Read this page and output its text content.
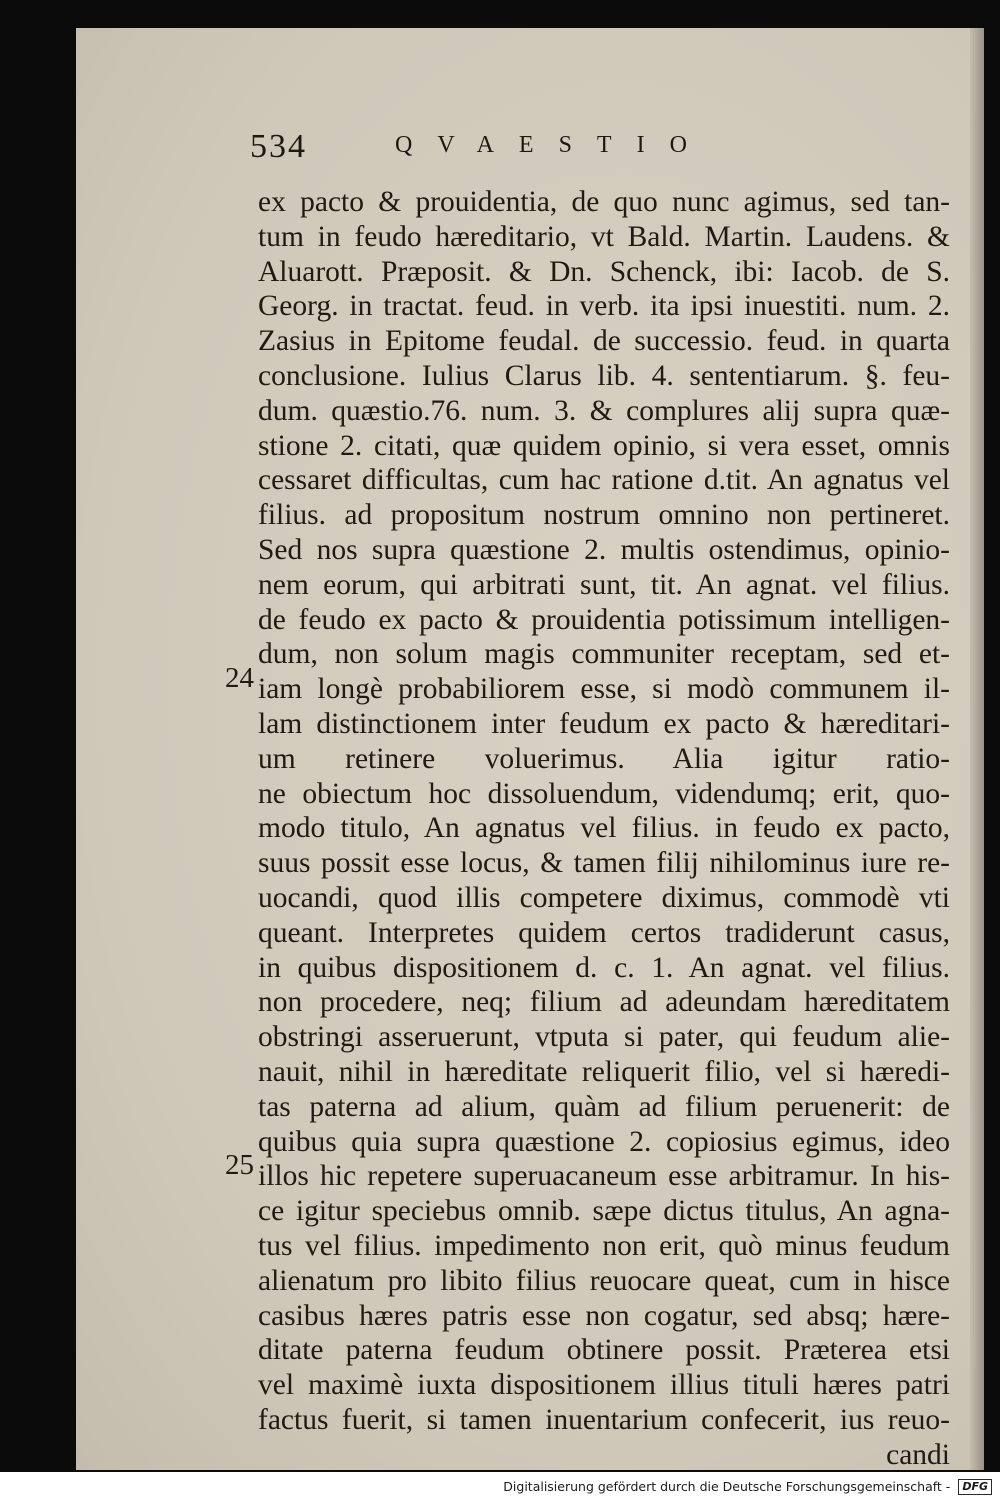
534	QVAESTIO
ex pacto & prouidentia, de quo nunc agimus, sed tan-
tum in feudo hæreditario, vt Bald. Martin. Laudens. &
Aluarott. Præposit. & Dn. Schenck, ibi: Iacob. de S.
Georg. in tractat. feud. in verb. ita ipsi inuestiti. num. 2.
Zasius in Epitome feudal. de successio. feud. in quarta
conclusione. Iulius Clarus lib. 4. sententiarum. §. feu-
dum. quæstio.76. num. 3. & complures alij supra quæ-
stione 2. citati, quæ quidem opinio, si vera esset, omnis
cessaret difficultas, cum hac ratione d.tit. An agnatus vel
filius. ad propositum nostrum omnino non pertineret.
Sed nos supra quæstione 2. multis ostendimus, opinio-
nem eorum, qui arbitrati sunt, tit. An agnat. vel filius.
de feudo ex pacto & prouidentia potissimum intelligen-
dum, non solum magis communiter receptam, sed et-
iam longè probabiliorem esse, si modò communem il-
lam distinctionem inter feudum ex pacto & hæreditari-
um retinere voluerimus. Alia igitur ratio-
ne obiectum hoc dissoluendum, videndumq; erit, quo-
modo titulo, An agnatus vel filius. in feudo ex pacto,
suus possit esse locus, & tamen filij nihilominus iure re-
uocandi, quod illis competere diximus, commodè vti
queant. Interpretes quidem certos tradiderunt casus,
in quibus dispositionem d. c. 1. An agnat. vel filius.
non procedere, neq; filium ad adeundam hæreditatem
obstringi asseruerunt, vtputa si pater, qui feudum alie-
nauit, nihil in hæreditate reliquerit filio, vel si hæredi-
tas paterna ad alium, quàm ad filium peruenerit: de
quibus quia supra quæstione 2. copiosius egimus, ideo
illos hic repetere superuacaneum esse arbitramur. In his-
ce igitur speciebus omnib. sæpe dictus titulus, An agna-
tus vel filius. impedimento non erit, quò minus feudum
alienatum pro libito filius reuocare queat, cum in hisce
casibus hæres patris esse non cogatur, sed absq; hære-
ditate paterna feudum obtinere possit. Præterea etsi
vel maximè iuxta dispositionem illius tituli hæres patri
factus fuerit, si tamen inuentarium confecerit, ius reuo-
candi
24
25
Digitalisierung gefördert durch die Deutsche Forschungsgemeinschaft - DFG
